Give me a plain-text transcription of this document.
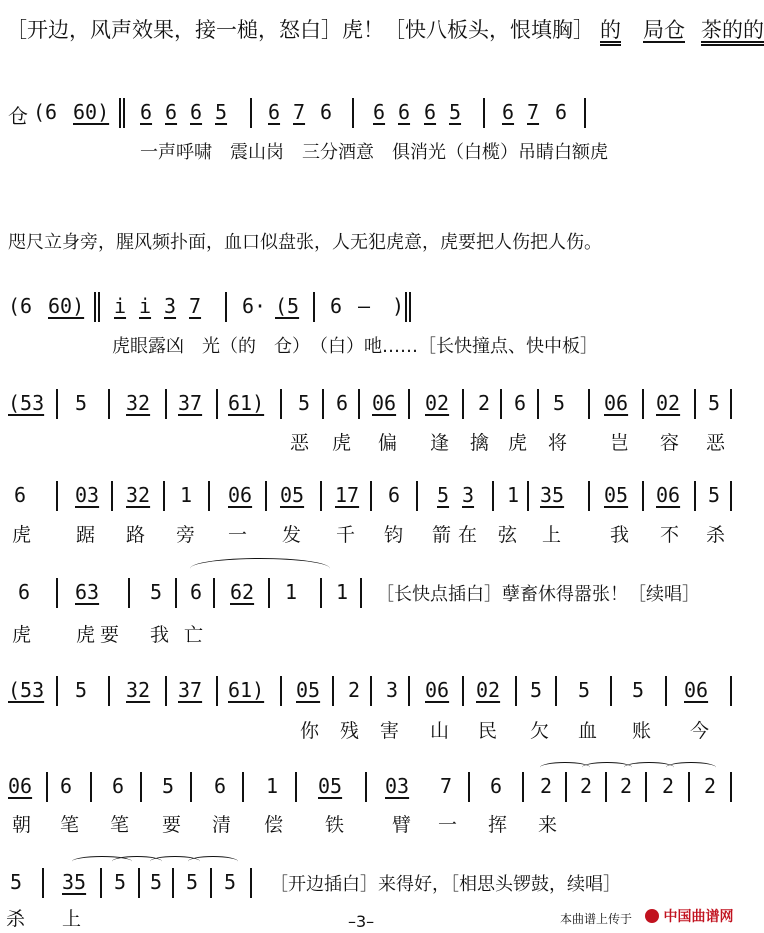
［开边，风声效果，接一槌，怒白］虎！［快八板头，恨填胸］ 的 局仓 茶的的
仓 (6 60) 6 6 6 5 6 7 6 6 6 6 5 6 7 6
一声呼啸　震山岗　三分酒意　俱消光（白榄）吊睛白额虎
咫尺立身旁，腥风频扑面，血口似盘张，人无犯虎意，虎要把人伤把人伤。
(6 60) i i 3 7 6· (5 6 – )
虎眼露凶　光（的　仓）　（白）吔……［长快撞点、快中板］
(53 5 32 37 61) 5 6 06 02 2 6 5 06 02 5
恶 虎 偏 逢 擒 虎 将 岂 容 恶
6 03 32 1 06 05 17 6 5 3 1 35 05 06 5
虎 踞 路 旁 一 发 千 钧 箭 在 弦 上	我 不 杀
6 63	5 6 62 1 1 ［长快点插白］孽畜休得嚣张！［续唱］
虎 虎 要 我 亡
(53 5 32 37 61) 05 2 3 06 02 5 5 5 06
你 残 害 山 民 欠 血 账 今
06 6 6 5 6 1 05 03 7 6 2 2 2 2 2
朝 笔 笔 要 清 偿 铁	臂 一 挥 来
5 35 5 5 5 5 ［开边插白］来得好，［相思头锣鼓，续唱］
杀 上	–3–	本曲谱上传于	中国曲谱网
